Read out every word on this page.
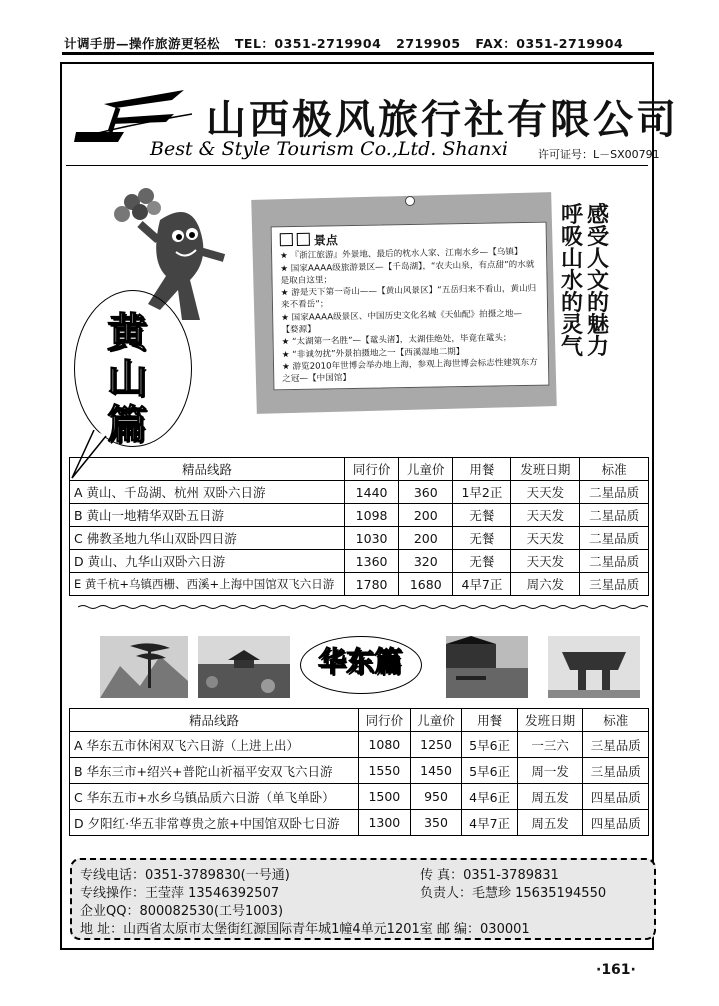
计调手册—操作旅游更轻松 TEL：0351-2719904 2719905 FAX：0351-2719904
山西极风旅行社有限公司
Best & Style Tourism Co.,Ltd. Shanxi	许可证号：L－SX00791
景点

★ 『浙江旅游』外景地、最后的枕水人家、江南水乡—【乌镇】

★ 国家AAAA级旅游景区—【千岛湖】，“农夫山泉，有点甜”的水就是取自这里；

★ 游是天下第一奇山——【黄山风景区】“五岳归来不看山，黄山归来不看岳”；

★ 国家AAAA级景区、中国历史文化名城《天仙配》拍摄之地—【婺源】

★ “太湖第一名胜”—【鼋头渚】，太湖佳绝处，毕竟在鼋头；

★ “非诚勿扰”外景拍摄地之一【西溪湿地二期】

★ 游览2010年世博会举办地上海，参观上海世博会标志性建筑东方之冠—【中国馆】

感受人文的魅力
呼吸山水的灵气
黄山篇
精品线路	同行价	儿童价	用餐	发班日期	标准
A 黄山、千岛湖、杭州 双卧六日游	1440	360	1早2正	天天发	二星品质
B 黄山一地精华双卧五日游	1098	200	无餐	天天发	二星品质
C 佛教圣地九华山双卧四日游	1030	200	无餐	天天发	二星品质
D 黄山、九华山双卧六日游	1360	320	无餐	天天发	二星品质
E 黄千杭+乌镇西栅、西溪+上海中国馆双飞六日游	1780	1680	4早7正	周六发	三星品质
华东篇
精品线路	同行价	儿童价	用餐	发班日期	标准
A 华东五市休闲双飞六日游（上进上出）	1080	1250	5早6正	一三六	三星品质
B 华东三市+绍兴+普陀山祈福平安双飞六日游	1550	1450	5早6正	周一发	三星品质
C 华东五市+水乡乌镇品质六日游（单飞单卧）	1500	950	4早6正	周五发	四星品质
D 夕阳红·华五非常尊贵之旅+中国馆双卧七日游	1300	350	4早7正	周五发	四星品质
专线电话：0351-3789830(一号通)	传 真：0351-3789831
专线操作：王莹萍 13546392507	负责人：毛慧珍 15635194550
企业QQ：800082530(工号1003)
地 址：山西省太原市太堡街红源国际青年城1幢4单元1201室 邮 编：030001
·161·
